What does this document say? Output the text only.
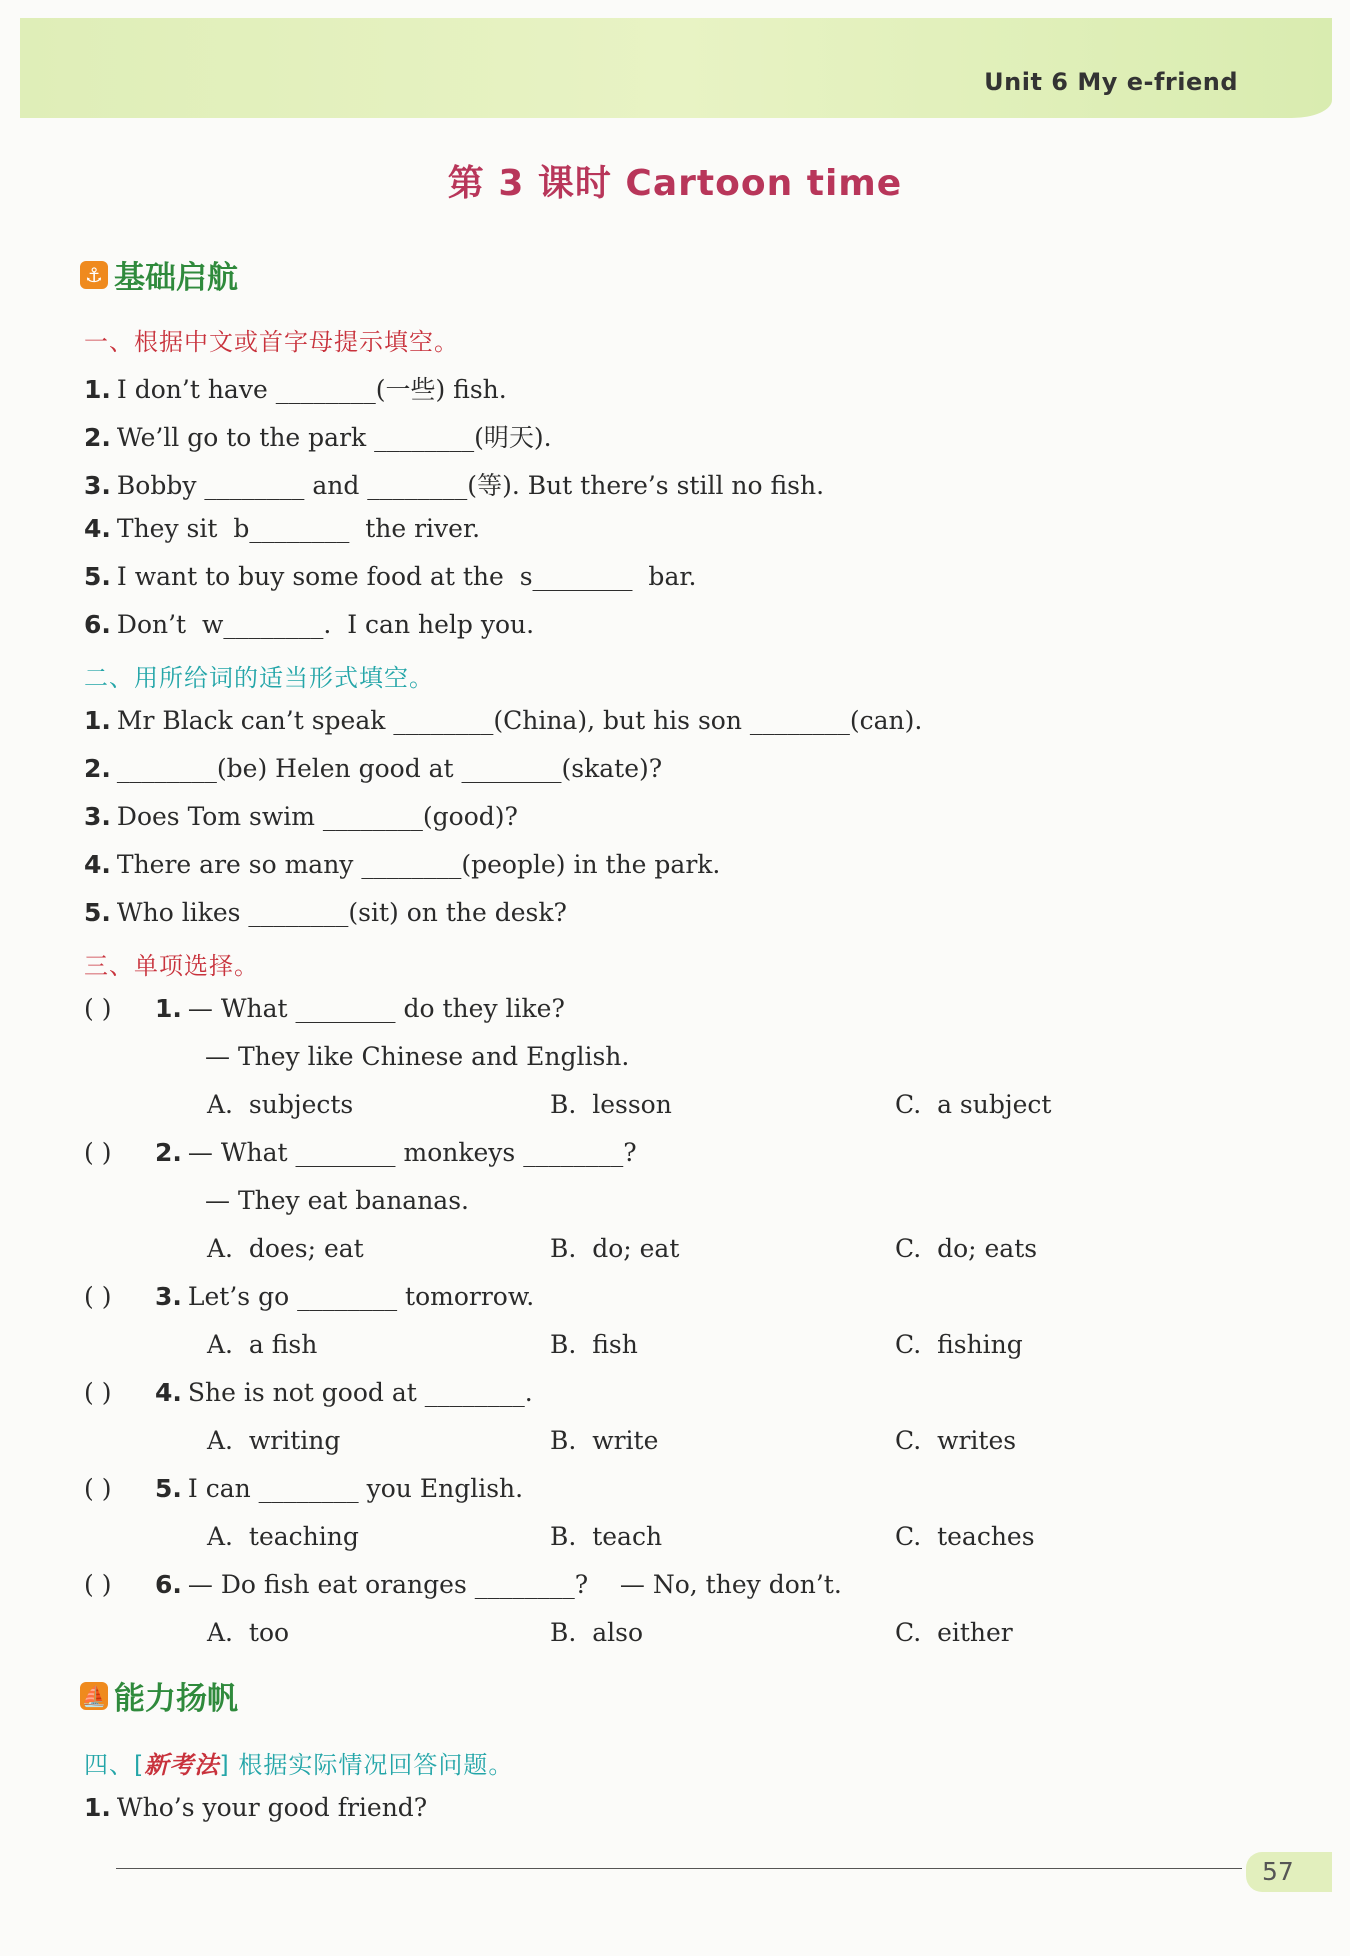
Unit 6 My e-friend
第 3 课时 Cartoon time
⚓ 基础启航
一、根据中文或首字母提示填空。
1. I don’t have ________(一些) fish.
2. We’ll go to the park ________(明天).
3. Bobby ________ and ________(等). But there’s still no fish.
4. They sit  b________  the river.
5. I want to buy some food at the  s________  bar.
6. Don’t  w________.  I can help you.
二、用所给词的适当形式填空。
1. Mr Black can’t speak ________(China), but his son ________(can).
2. ________(be) Helen good at ________(skate)?
3. Does Tom swim ________(good)?
4. There are so many ________(people) in the park.
5. Who likes ________(sit) on the desk?
三、单项选择。
( ) 1. — What ________ do they like?
— They like Chinese and English.
A.  subjects	B.  lesson	C.  a subject
( ) 2. — What ________ monkeys ________?
— They eat bananas.
A.  does; eat	B.  do; eat	C.  do; eats
( ) 3. Let’s go ________ tomorrow.
A.  a fish	B.  fish	C.  fishing
( ) 4. She is not good at ________.
A.  writing	B.  write	C.  writes
( ) 5. I can ________ you English.
A.  teaching	B.  teach	C.  teaches
( ) 6. — Do fish eat oranges ________?    — No, they don’t.
A.  too	B.  also	C.  either
⛵ 能力扬帆
四、[新考法] 根据实际情况回答问题。
1. Who’s your good friend?
57
